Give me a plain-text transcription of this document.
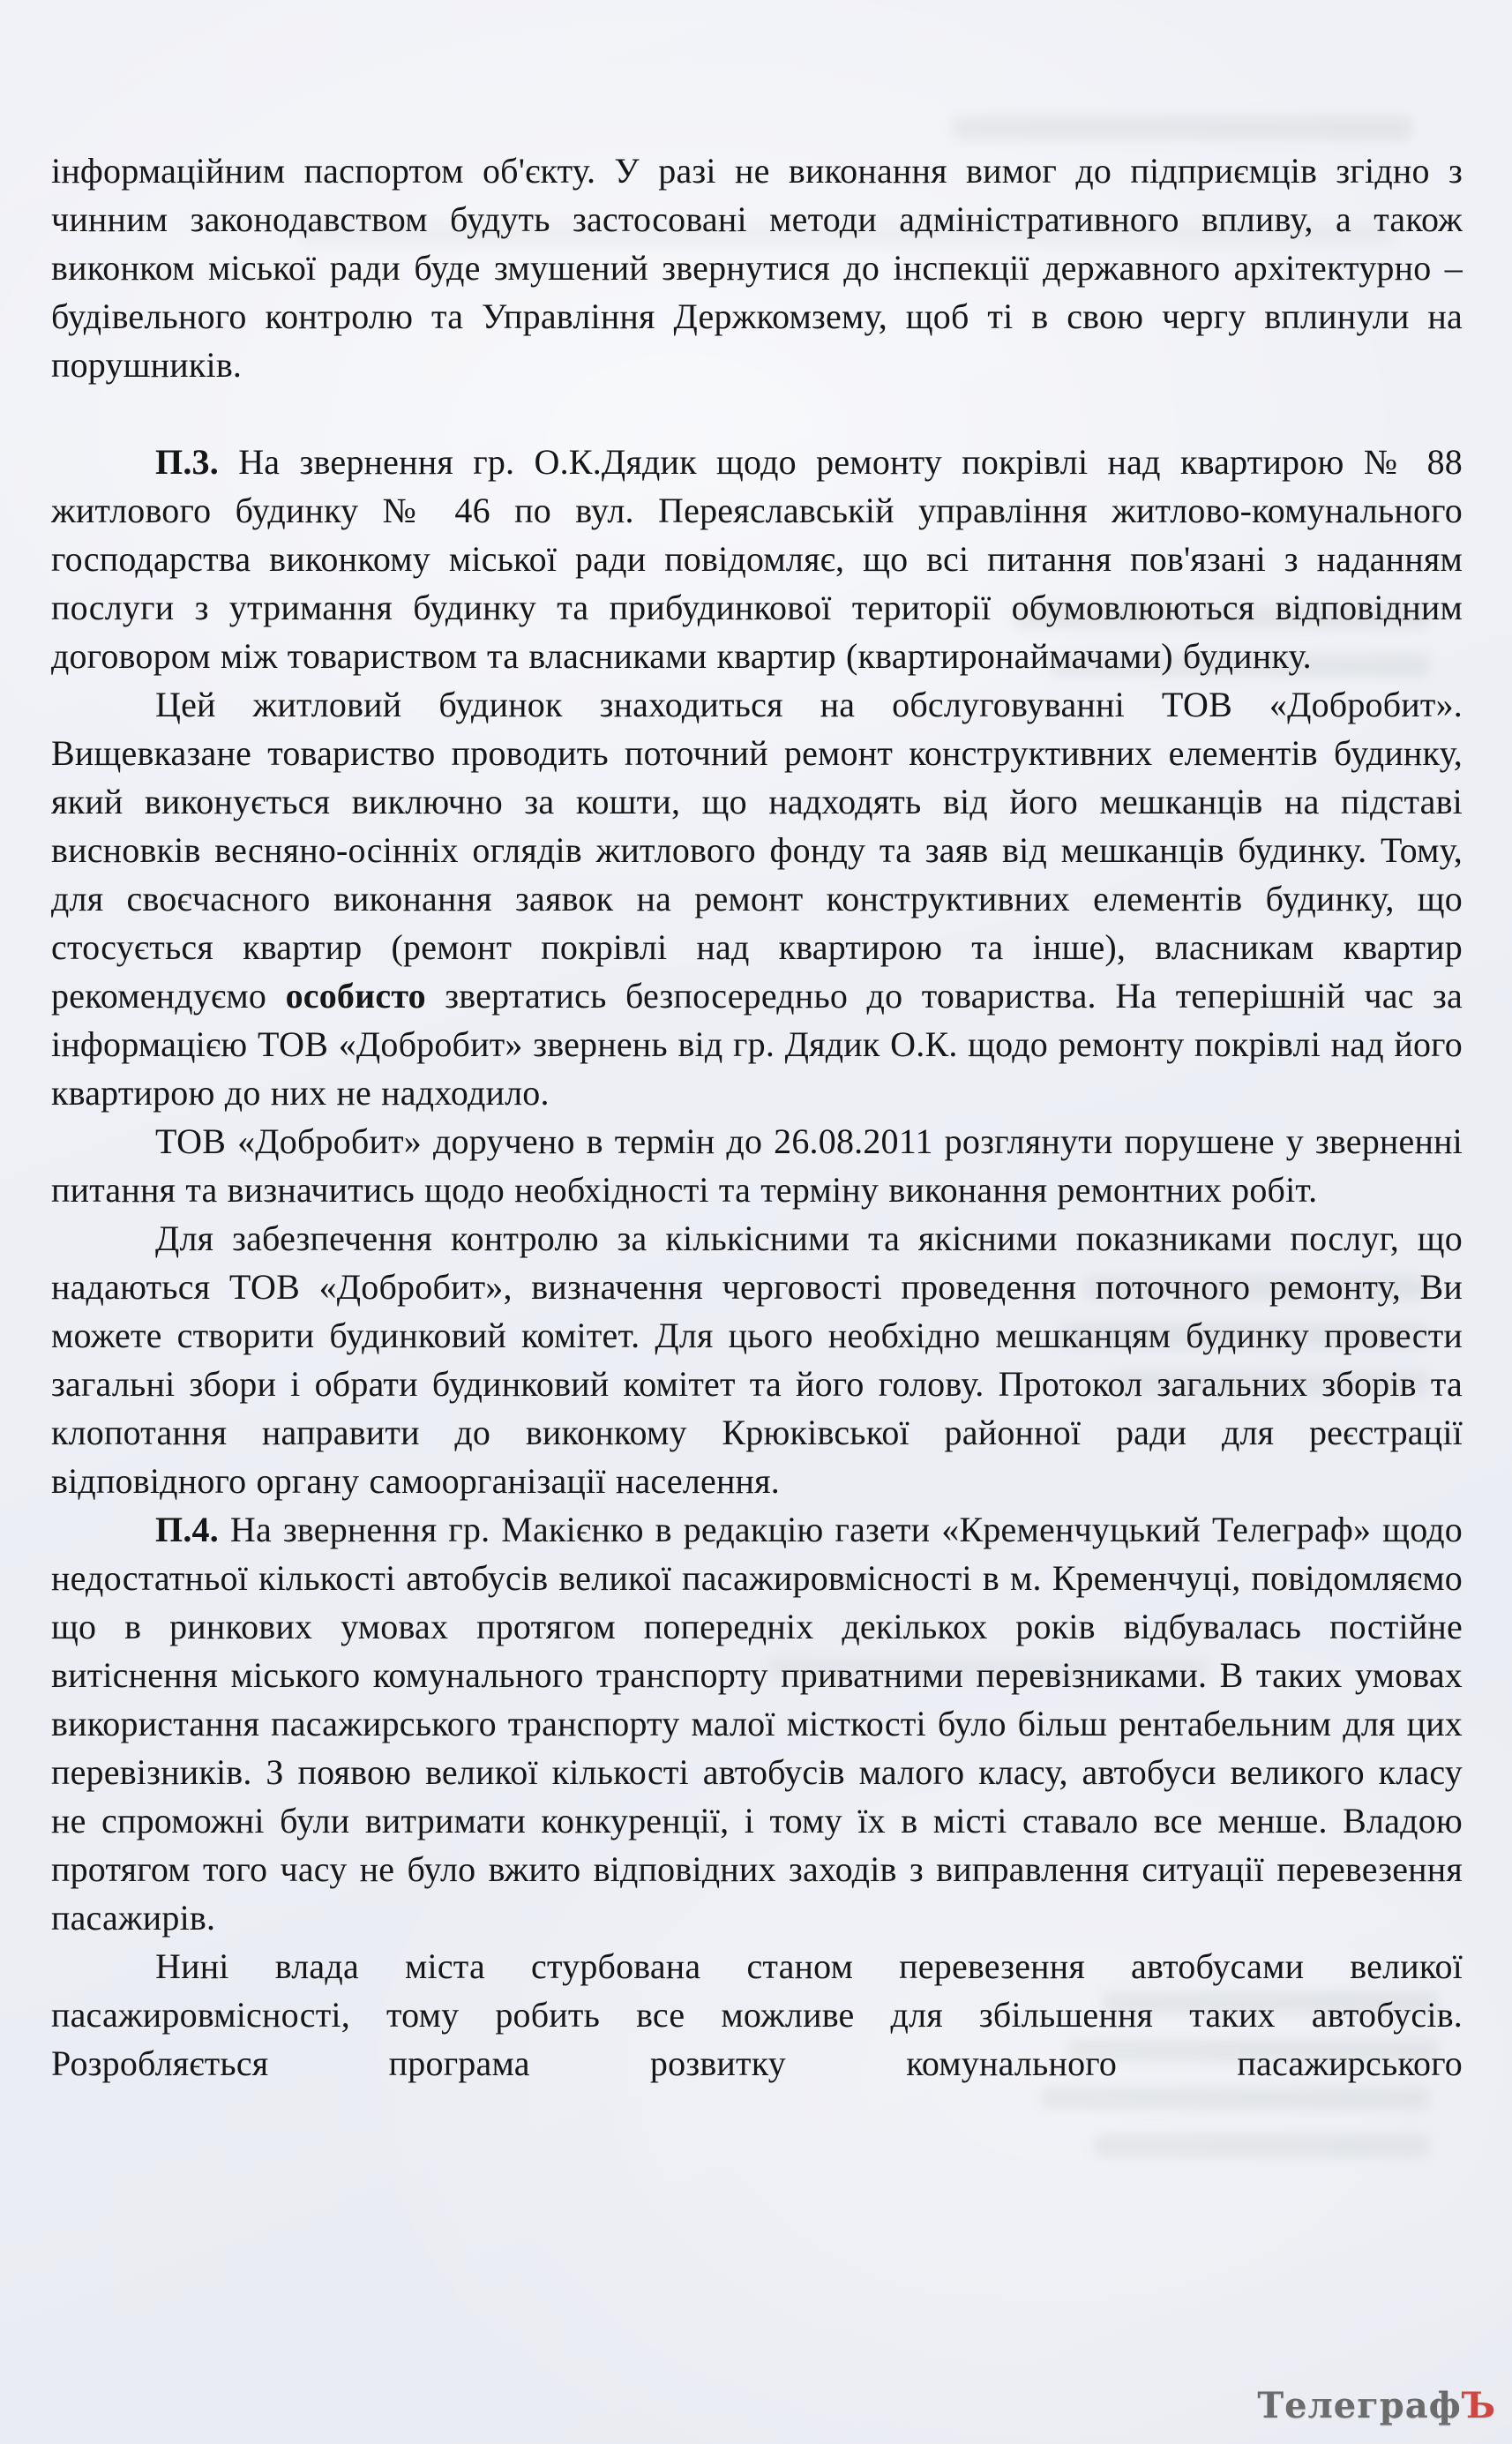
інформаційним паспортом об'єкту. У разі не виконання вимог до підприємців згідно з чинним законодавством будуть застосовані методи адміністративного впливу, а також виконком міської ради буде змушений звернутися до інспекції державного архітектурно – будівельного контролю та Управління Держкомзему, щоб ті в свою чергу вплинули на порушників.

П.3. На звернення гр. О.К.Дядик щодо ремонту покрівлі над квартирою № 88 житлового будинку № 46 по вул. Переяславській управління житлово-комунального господарства виконкому міської ради повідомляє, що всі питання пов'язані з наданням послуги з утримання будинку та прибудинкової території обумовлюються відповідним договором між товариством та власниками квартир (квартиронаймачами) будинку.

Цей житловий будинок знаходиться на обслуговуванні ТОВ «Добробит». Вищевказане товариство проводить поточний ремонт конструктивних елементів будинку, який виконується виключно за кошти, що надходять від його мешканців на підставі висновків весняно-осінніх оглядів житлового фонду та заяв від мешканців будинку. Тому, для своєчасного виконання заявок на ремонт конструктивних елементів будинку, що стосується квартир (ремонт покрівлі над квартирою та інше), власникам квартир рекомендуємо особисто звертатись безпосередньо до товариства. На теперішній час за інформацією ТОВ «Добробит» звернень від гр. Дядик О.К. щодо ремонту покрівлі над його квартирою до них не надходило.

ТОВ «Добробит» доручено в термін до 26.08.2011 розглянути порушене у зверненні питання та визначитись щодо необхідності та терміну виконання ремонтних робіт.

Для забезпечення контролю за кількісними та якісними показниками послуг, що надаються ТОВ «Добробит», визначення черговості проведення поточного ремонту, Ви можете створити будинковий комітет. Для цього необхідно мешканцям будинку провести загальні збори і обрати будинковий комітет та його голову. Протокол загальних зборів та клопотання направити до виконкому Крюківської районної ради для реєстрації відповідного органу самоорганізації населення.

П.4. На звернення гр. Макієнко в редакцію газети «Кременчуцький Телеграф» щодо недостатньої кількості автобусів великої пасажировмісності в м. Кременчуці, повідомляємо що в ринкових умовах протягом попередніх декількох років відбувалась постійне витіснення міського комунального транспорту приватними перевізниками. В таких умовах використання пасажирського транспорту малої місткості було більш рентабельним для цих перевізників. З появою великої кількості автобусів малого класу, автобуси великого класу не спроможні були витримати конкуренції, і тому їх в місті ставало все менше. Владою протягом того часу не було вжито відповідних заходів з виправлення ситуації перевезення пасажирів.

Нині влада міста стурбована станом перевезення автобусами великої пасажировмісності, тому робить все можливе для збільшення таких автобусів. Розробляється програма розвитку комунального пасажирського

ТелеграфЪ
